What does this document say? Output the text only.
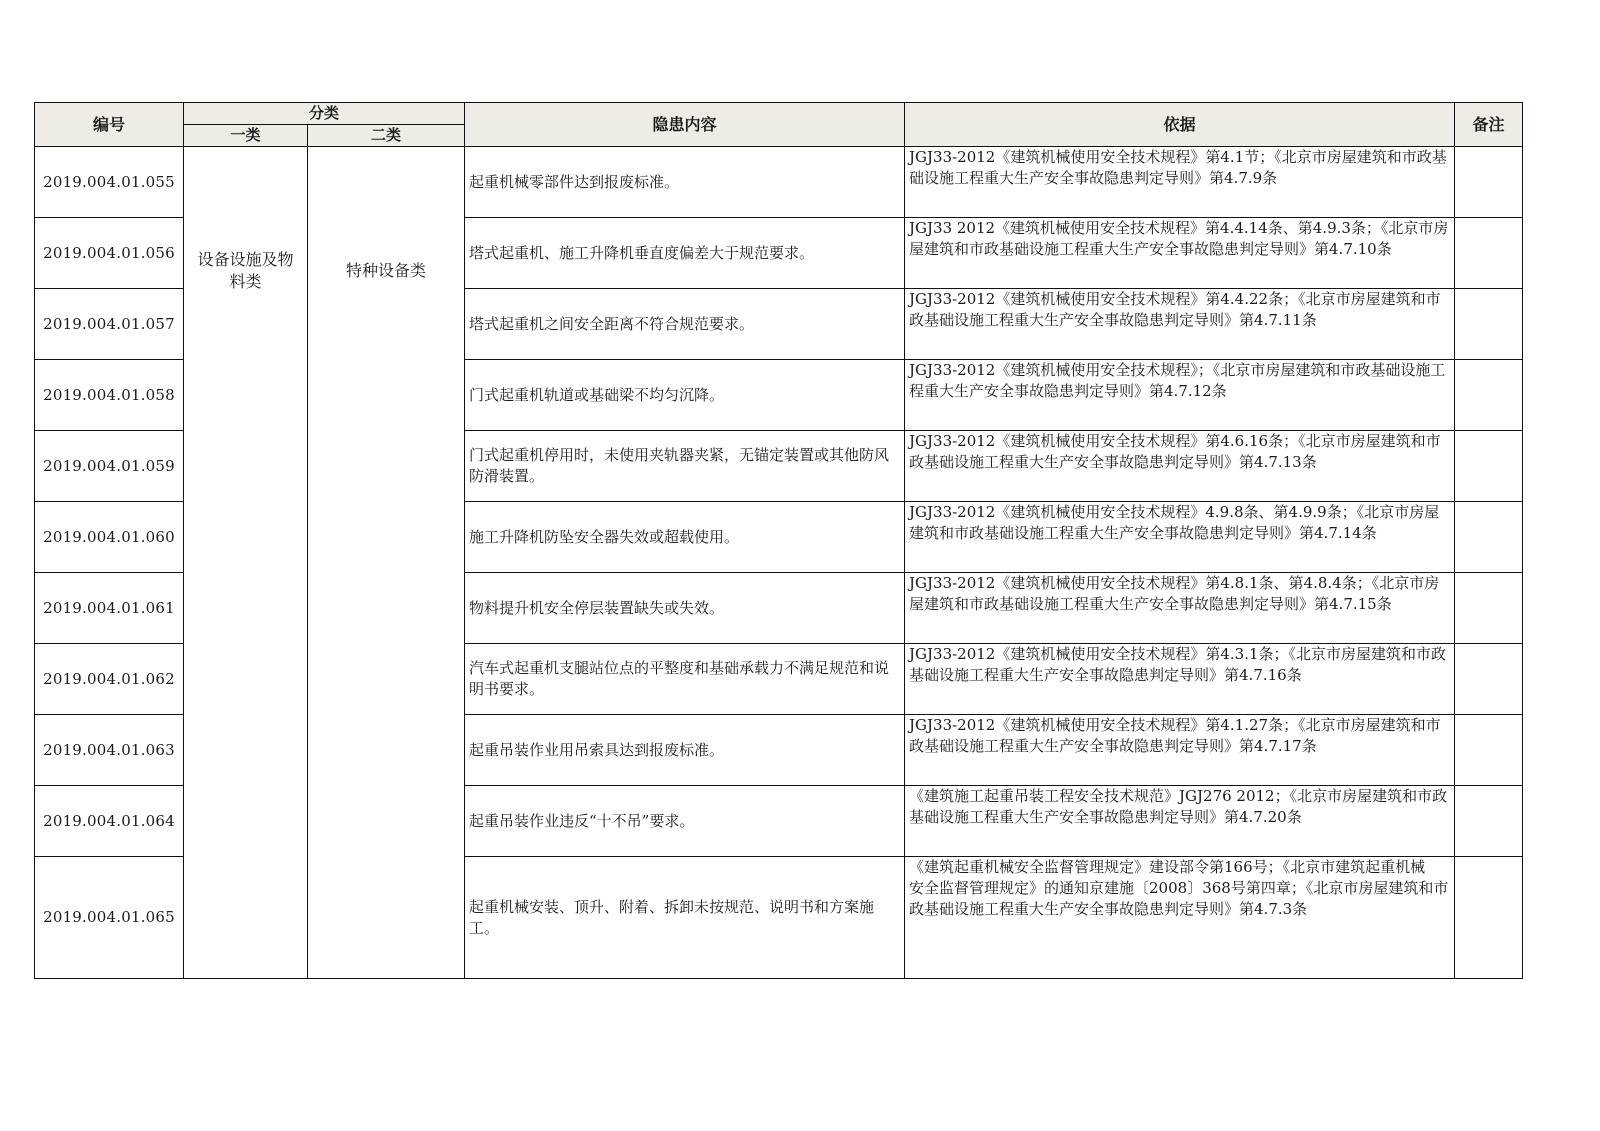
编号	分类		隐患内容	依据	备注
	一类	二类			
2019.004.01.055	设备设施及物料类	特种设备类	起重机械零部件达到报废标准。	JGJ33-2012《建筑机械使用安全技术规程》第4.1节；《北京市房屋建筑和市政基础设施工程重大生产安全事故隐患判定导则》第4.7.9条	
2019.004.01.056			塔式起重机、施工升降机垂直度偏差大于规范要求。	JGJ33 2012《建筑机械使用安全技术规程》第4.4.14条、第4.9.3条；《北京市房屋建筑和市政基础设施工程重大生产安全事故隐患判定导则》第4.7.10条	
2019.004.01.057			塔式起重机之间安全距离不符合规范要求。	JGJ33-2012《建筑机械使用安全技术规程》第4.4.22条；《北京市房屋建筑和市政基础设施工程重大生产安全事故隐患判定导则》第4.7.11条	
2019.004.01.058			门式起重机轨道或基础梁不均匀沉降。	JGJ33-2012《建筑机械使用安全技术规程》；《北京市房屋建筑和市政基础设施工程重大生产安全事故隐患判定导则》第4.7.12条	
2019.004.01.059			门式起重机停用时，未使用夹轨器夹紧，无锚定装置或其他防风防滑装置。	JGJ33-2012《建筑机械使用安全技术规程》第4.6.16条；《北京市房屋建筑和市政基础设施工程重大生产安全事故隐患判定导则》第4.7.13条	
2019.004.01.060			施工升降机防坠安全器失效或超载使用。	JGJ33-2012《建筑机械使用安全技术规程》4.9.8条、第4.9.9条；《北京市房屋建筑和市政基础设施工程重大生产安全事故隐患判定导则》第4.7.14条	
2019.004.01.061			物料提升机安全停层装置缺失或失效。	JGJ33-2012《建筑机械使用安全技术规程》第4.8.1条、第4.8.4条；《北京市房屋建筑和市政基础设施工程重大生产安全事故隐患判定导则》第4.7.15条	
2019.004.01.062			汽车式起重机支腿站位点的平整度和基础承载力不满足规范和说明书要求。	JGJ33-2012《建筑机械使用安全技术规程》第4.3.1条；《北京市房屋建筑和市政基础设施工程重大生产安全事故隐患判定导则》第4.7.16条	
2019.004.01.063			起重吊装作业用吊索具达到报废标准。	JGJ33-2012《建筑机械使用安全技术规程》第4.1.27条；《北京市房屋建筑和市政基础设施工程重大生产安全事故隐患判定导则》第4.7.17条	
2019.004.01.064			起重吊装作业违反“十不吊”要求。	《建筑施工起重吊装工程安全技术规范》JGJ276 2012；《北京市房屋建筑和市政基础设施工程重大生产安全事故隐患判定导则》第4.7.20条	
2019.004.01.065			起重机械安装、顶升、附着、拆卸未按规范、说明书和方案施工。	《建筑起重机械安全监督管理规定》建设部令第166号；《北京市建筑起重机械
安全监督管理规定》的通知京建施〔2008〕368号第四章；《北京市房屋建筑和市政基础设施工程重大生产安全事故隐患判定导则》第4.7.3条	
